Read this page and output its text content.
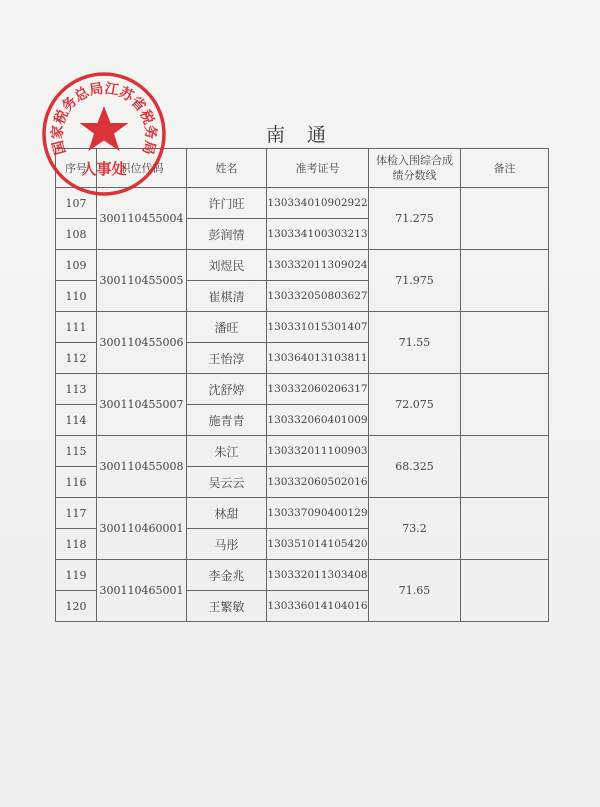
南 通
序号	职位代码	姓名	准考证号	体检入围综合成绩分数线	备注
107	300110455004	许门旺	130334010902922	71.275	
108		彭润情	130334100303213		
109	300110455005	刘煜民	130332011309024	71.975	
110		崔棋清	130332050803627		
111	300110455006	潘旺	130331015301407	71.55	
112		王怡淳	130364013103811		
113	300110455007	沈舒婷	130332060206317	72.075	
114		施青青	130332060401009		
115	300110455008	朱江	130332011100903	68.325	
116		吴云云	130332060502016		
117	300110460001	林甜	130337090400129	73.2	
118		马彤	130351014105420		
119	300110465001	李金兆	130332011303408	71.65	
120		王繁敏	130336014104016		
国家税务总局江苏省税务局
人事处
